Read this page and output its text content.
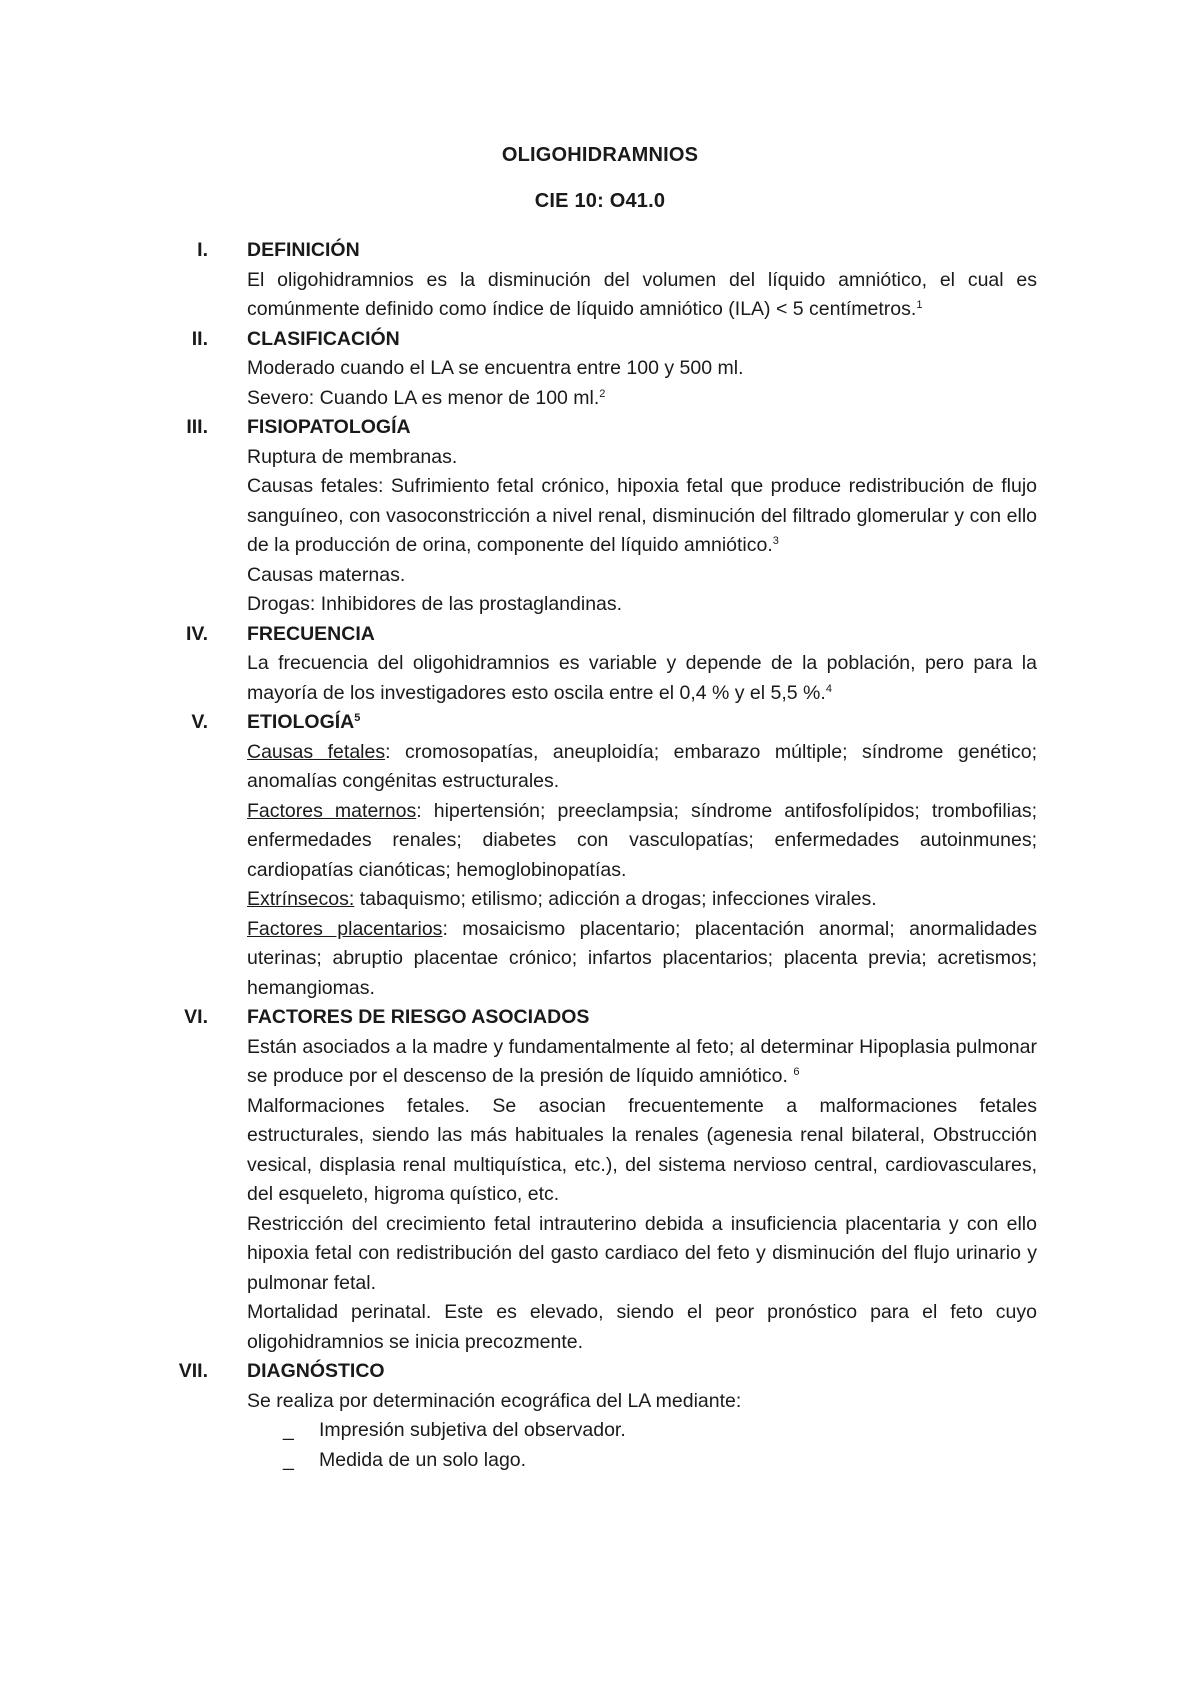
OLIGOHIDRAMNIOS
CIE 10: O41.0
I. DEFINICIÓN

El oligohidramnios es la disminución del volumen del líquido amniótico, el cual es comúnmente definido como índice de líquido amniótico (ILA) < 5 centímetros.$^1$

II. CLASIFICACIÓN

Moderado cuando el LA se encuentra entre 100 y 500 ml.

Severo: Cuando LA es menor de 100 ml.$^2$

III. FISIOPATOLOGÍA

Ruptura de membranas.

Causas fetales: Sufrimiento fetal crónico, hipoxia fetal que produce redistribución de flujo sanguíneo, con vasoconstricción a nivel renal, disminución del filtrado glomerular y con ello de la producción de orina, componente del líquido amniótico.$^3$

Causas maternas.

Drogas: Inhibidores de las prostaglandinas.

IV. FRECUENCIA

La frecuencia del oligohidramnios es variable y depende de la población, pero para la mayoría de los investigadores esto oscila entre el 0,4 % y el 5,5 %.$^4$

V. ETIOLOGÍA$^5$

Causas fetales: cromosopatías, aneuploidía; embarazo múltiple; síndrome genético; anomalías congénitas estructurales.

Factores maternos: hipertensión; preeclampsia; síndrome antifosfolípidos; trombofilias; enfermedades renales; diabetes con vasculopatías; enfermedades autoinmunes; cardiopatías cianóticas; hemoglobinopatías.

Extrínsecos: tabaquismo; etilismo; adicción a drogas; infecciones virales.

Factores placentarios: mosaicismo placentario; placentación anormal; anormalidades uterinas; abruptio placentae crónico; infartos placentarios; placenta previa; acretismos; hemangiomas.

VI. FACTORES DE RIESGO ASOCIADOS

Están asociados a la madre y fundamentalmente al feto; al determinar Hipoplasia pulmonar se produce por el descenso de la presión de líquido amniótico. $^6$

Malformaciones fetales. Se asocian frecuentemente a malformaciones fetales estructurales, siendo las más habituales la renales (agenesia renal bilateral, Obstrucción vesical, displasia renal multiquística, etc.), del sistema nervioso central, cardiovasculares, del esqueleto, higroma quístico, etc.

Restricción del crecimiento fetal intrauterino debida a insuficiencia placentaria y con ello hipoxia fetal con redistribución del gasto cardiaco del feto y disminución del flujo urinario y pulmonar fetal.

Mortalidad perinatal. Este es elevado, siendo el peor pronóstico para el feto cuyo oligohidramnios se inicia precozmente.

VII. DIAGNÓSTICO

Se realiza por determinación ecográfica del LA mediante:

_ Impresión subjetiva del observador.
_ Medida de un solo lago.
